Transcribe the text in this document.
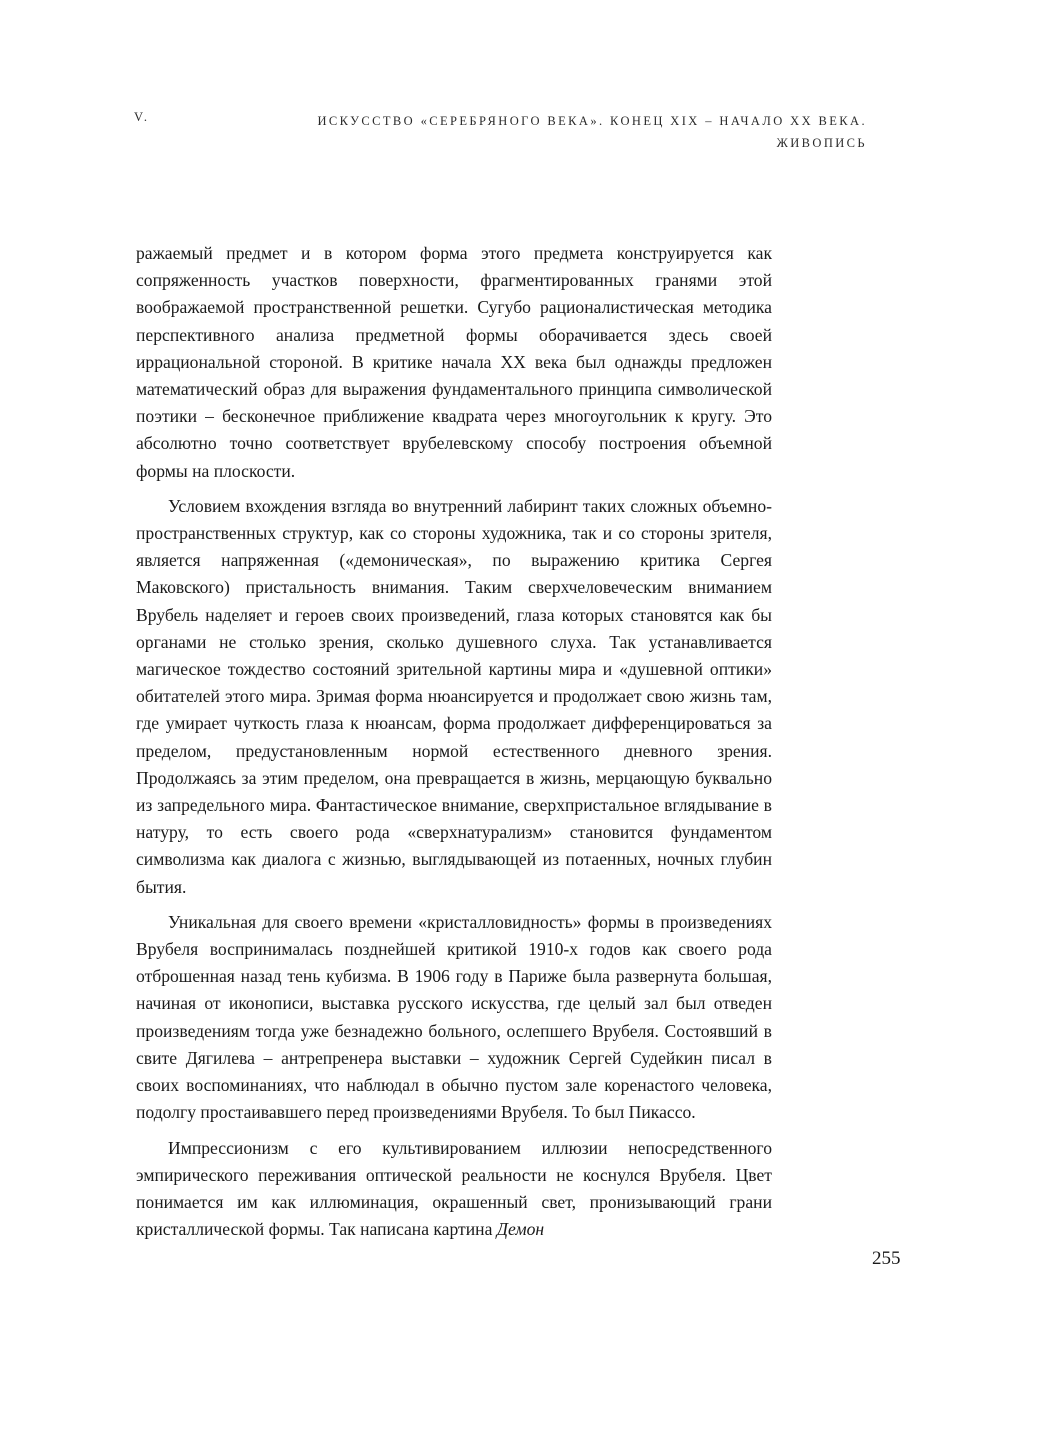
V.	ИСКУССТВО «СЕРЕБРЯНОГО ВЕКА». КОНЕЦ XIX – НАЧАЛО XX ВЕКА.
ЖИВОПИСЬ

ражаемый предмет и в котором форма этого предмета конструируется как сопряженность участков поверхности, фрагментированных гранями этой воображаемой пространственной решетки. Сугубо рационалистическая методика перспективного анализа предметной формы оборачивается здесь своей иррациональной стороной. В критике начала XX века был однажды предложен математический образ для выражения фундаментального принципа символической поэтики – бесконечное приближение квадрата через многоугольник к кругу. Это абсолютно точно соответствует врубелевскому способу построения объемной формы на плоскости.

Условием вхождения взгляда во внутренний лабиринт таких сложных объемно-пространственных структур, как со стороны художника, так и со стороны зрителя, является напряженная («демоническая», по выражению критика Сергея Маковского) пристальность внимания. Таким сверхчеловеческим вниманием Врубель наделяет и героев своих произведений, глаза которых становятся как бы органами не столько зрения, сколько душевного слуха. Так устанавливается магическое тождество состояний зрительной картины мира и «душевной оптики» обитателей этого мира. Зримая форма нюансируется и продолжает свою жизнь там, где умирает чуткость глаза к нюансам, форма продолжает дифференцироваться за пределом, предустановленным нормой естественного дневного зрения. Продолжаясь за этим пределом, она превращается в жизнь, мерцающую буквально из запредельного мира. Фантастическое внимание, сверхпристальное вглядывание в натуру, то есть своего рода «сверхнатурализм» становится фундаментом символизма как диалога с жизнью, выглядывающей из потаенных, ночных глубин бытия.

Уникальная для своего времени «кристалловидность» формы в произведениях Врубеля воспринималась позднейшей критикой 1910-х годов как своего рода отброшенная назад тень кубизма. В 1906 году в Париже была развернута большая, начиная от иконописи, выставка русского искусства, где целый зал был отведен произведениям тогда уже безнадежно больного, ослепшего Врубеля. Состоявший в свите Дягилева – антрепренера выставки – художник Сергей Судейкин писал в своих воспоминаниях, что наблюдал в обычно пустом зале коренастого человека, подолгу простаивавшего перед произведениями Врубеля. То был Пикассо.

Импрессионизм с его культивированием иллюзии непосредственного эмпирического переживания оптической реальности не коснулся Врубеля. Цвет понимается им как иллюминация, окрашенный свет, пронизывающий грани кристаллической формы. Так написана картина Демон

255
